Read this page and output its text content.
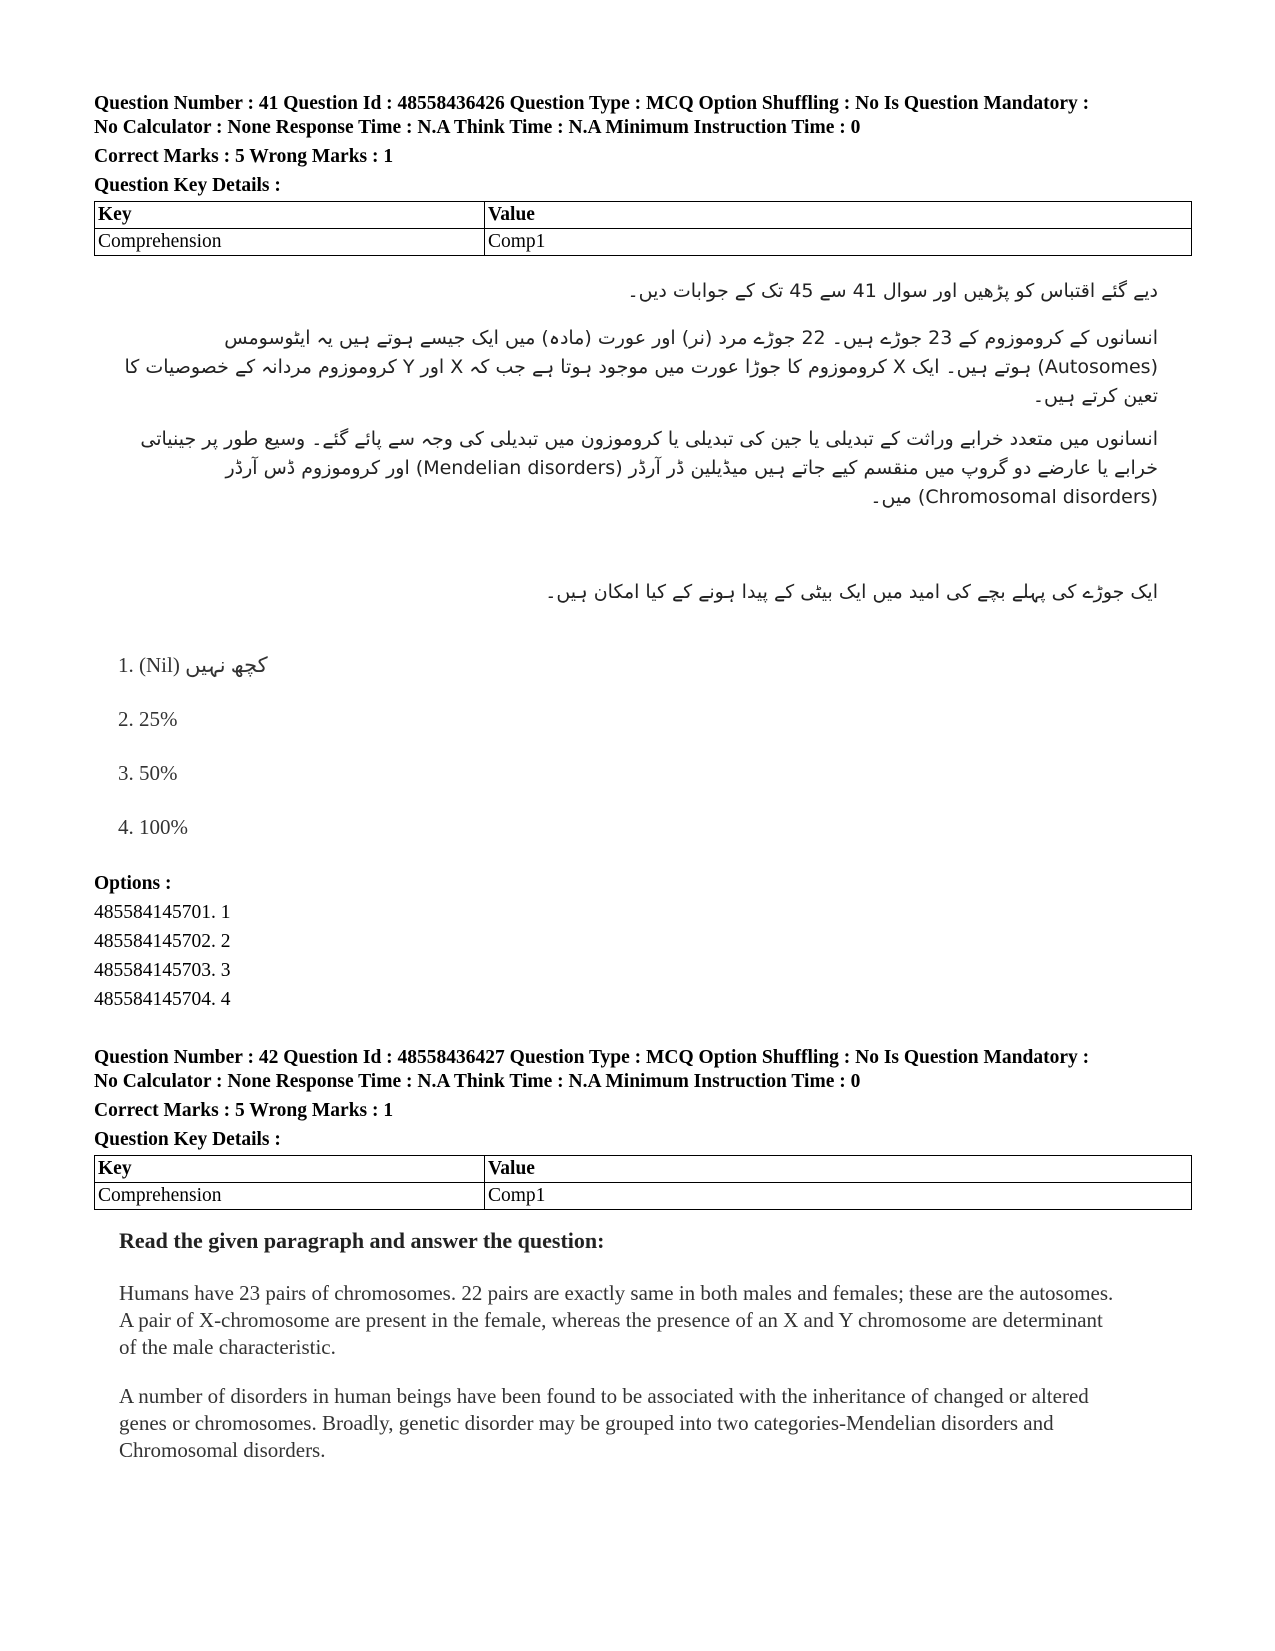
Question Number : 41 Question Id : 48558436426 Question Type : MCQ Option Shuffling : No Is Question Mandatory :
No Calculator : None Response Time : N.A Think Time : N.A Minimum Instruction Time : 0
Correct Marks : 5 Wrong Marks : 1
Question Key Details :
Key	Value
Comprehension	Comp1

دیے گئے اقتباس کو پڑھیں اور سوال 41 سے 45 تک کے جوابات دیں۔

انسانوں کے کروموزوم کے 23 جوڑے ہیں۔ 22 جوڑے مرد (نر) اور عورت (مادہ) میں ایک جیسے ہوتے ہیں یہ ایٹوسومس (Autosomes) ہوتے ہیں۔ ایک X کروموزوم کا جوڑا عورت میں موجود ہوتا ہے جب کہ X اور Y کروموزوم مردانہ کے خصوصیات کا تعین کرتے ہیں۔

انسانوں میں متعدد خرابے وراثت کے تبدیلی یا جین کی تبدیلی یا کروموزون میں تبدیلی کی وجہ سے پائے گئے۔ وسیع طور پر جینیاتی خرابے یا عارضے دو گروپ میں منقسم کیے جاتے ہیں میڈیلین ڈر آرڈر (Mendelian disorders) اور کروموزوم ڈس آرڈر (Chromosomal disorders) میں۔

ایک جوڑے کی پہلے بچے کی امید میں ایک بیٹی کے پیدا ہونے کے کیا امکان ہیں۔

1. (Nil) کچھ نہیں
2. 25%
3. 50%
4. 100%
Options :
485584145701. 1
485584145702. 2
485584145703. 3
485584145704. 4
Question Number : 42 Question Id : 48558436427 Question Type : MCQ Option Shuffling : No Is Question Mandatory :
No Calculator : None Response Time : N.A Think Time : N.A Minimum Instruction Time : 0
Correct Marks : 5 Wrong Marks : 1
Question Key Details :
Key	Value
Comprehension	Comp1
Read the given paragraph and answer the question:

Humans have 23 pairs of chromosomes. 22 pairs are exactly same in both males and females; these are the autosomes. A pair of X-chromosome are present in the female, whereas the presence of an X and Y chromosome are determinant of the male characteristic.

A number of disorders in human beings have been found to be associated with the inheritance of changed or altered genes or chromosomes. Broadly, genetic disorder may be grouped into two categories-Mendelian disorders and Chromosomal disorders.
